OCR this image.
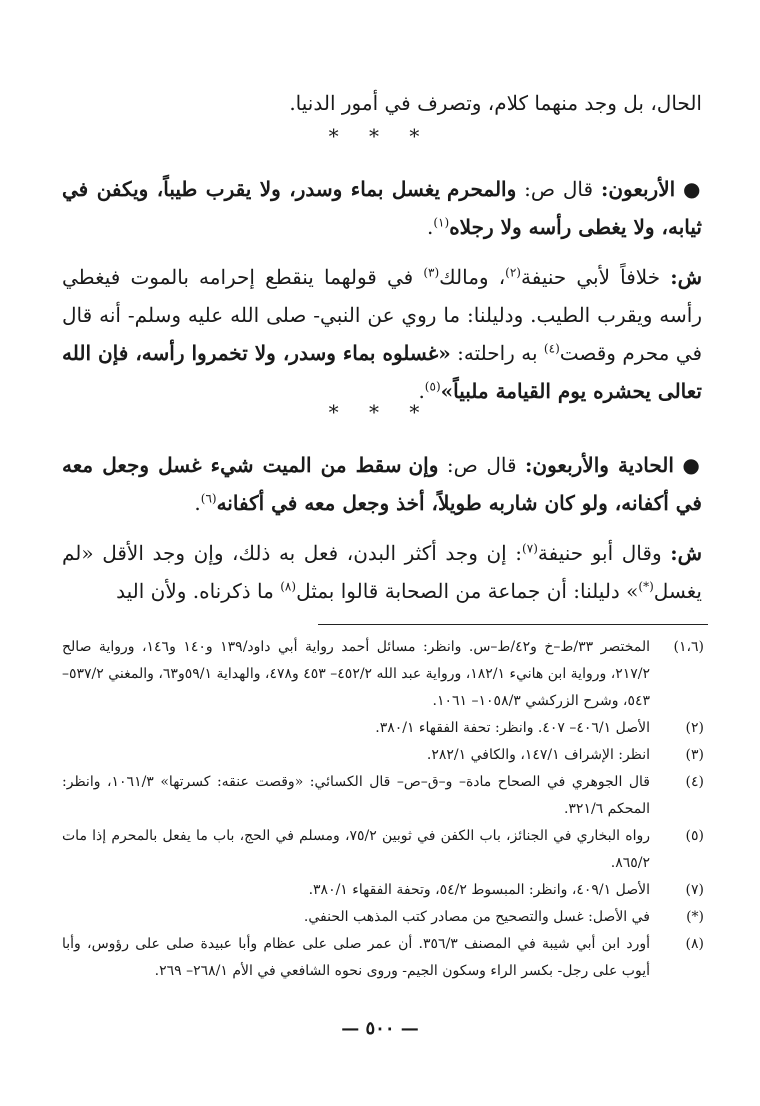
الحال، بل وجد منهما كلام، وتصرف في أمور الدنيا.

* * *

● الأربعون: قال ص: والمحرم يغسل بماء وسدر، ولا يقرب طيباً، ويكفن في ثيابه، ولا يغطى رأسه ولا رجلاه$^{(١)}$.

ش: خلافاً لأبي حنيفة$^{(٢)}$، ومالك$^{(٣)}$ في قولهما ينقطع إحرامه بالموت فيغطي رأسه ويقرب الطيب. ودليلنا: ما روي عن النبي- صلى الله عليه وسلم- أنه قال في محرم وقصت$^{(٤)}$ به راحلته: «غسلوه بماء وسدر، ولا تخمروا رأسه، فإن الله تعالى يحشره يوم القيامة ملبياً»$^{(٥)}$.

* * *

● الحادية والأربعون: قال ص: وإن سقط من الميت شيء غسل وجعل معه في أكفانه، ولو كان شاربه طويلاً، أخذ وجعل معه في أكفانه$^{(٦)}$.

ش: وقال أبو حنيفة$^{(٧)}$: إن وجد أكثر البدن، فعل به ذلك، وإن وجد الأقل «لم يغسل(*)» دليلنا: أن جماعة من الصحابة قالوا بمثل$^{(٨)}$ ما ذكرناه. ولأن اليد

(١،٦)
المختصر ٣٣/ط–خ و٤٢/ط–س. وانظر: مسائل أحمد رواية أبي داود/١٣٩ و١٤٠ و١٤٦، ورواية صالح ٢١٧/٢، ورواية ابن هانيء ١٨٢/١، ورواية عبد الله ٤٥٢/٢– ٤٥٣ و٤٧٨، والهداية ٥٩/١و٦٣، والمغني ٥٣٧/٢– ٥٤٣، وشرح الزركشي ١٠٥٨/٣– ١٠٦١.
(٢)
الأصل ٤٠٦/١– ٤٠٧. وانظر: تحفة الفقهاء ٣٨٠/١.
(٣)
انظر: الإشراف ١٤٧/١، والكافي ٢٨٢/١.
(٤)
قال الجوهري في الصحاح مادة– و–ق–ص– قال الكسائي: «وقصت عنقه: كسرتها» ١٠٦١/٣، وانظر: المحكم ٣٢١/٦.
(٥)
رواه البخاري في الجنائز، باب الكفن في ثوبين ٧٥/٢، ومسلم في الحج، باب ما يفعل بالمحرم إذا مات ٨٦٥/٢.
(٧)
الأصل ٤٠٩/١، وانظر: المبسوط ٥٤/٢، وتحفة الفقهاء ٣٨٠/١.
(*)
في الأصل: غسل والتصحيح من مصادر كتب المذهب الحنفي.
(٨)
أورد ابن أبي شيبة في المصنف ٣٥٦/٣. أن عمر صلى على عظام وأبا عبيدة صلى على رؤوس، وأبا أيوب على رجل- بكسر الراء وسكون الجيم- وروى نحوه الشافعي في الأم ٢٦٨/١– ٢٦٩.

— ٥٠٠ —
